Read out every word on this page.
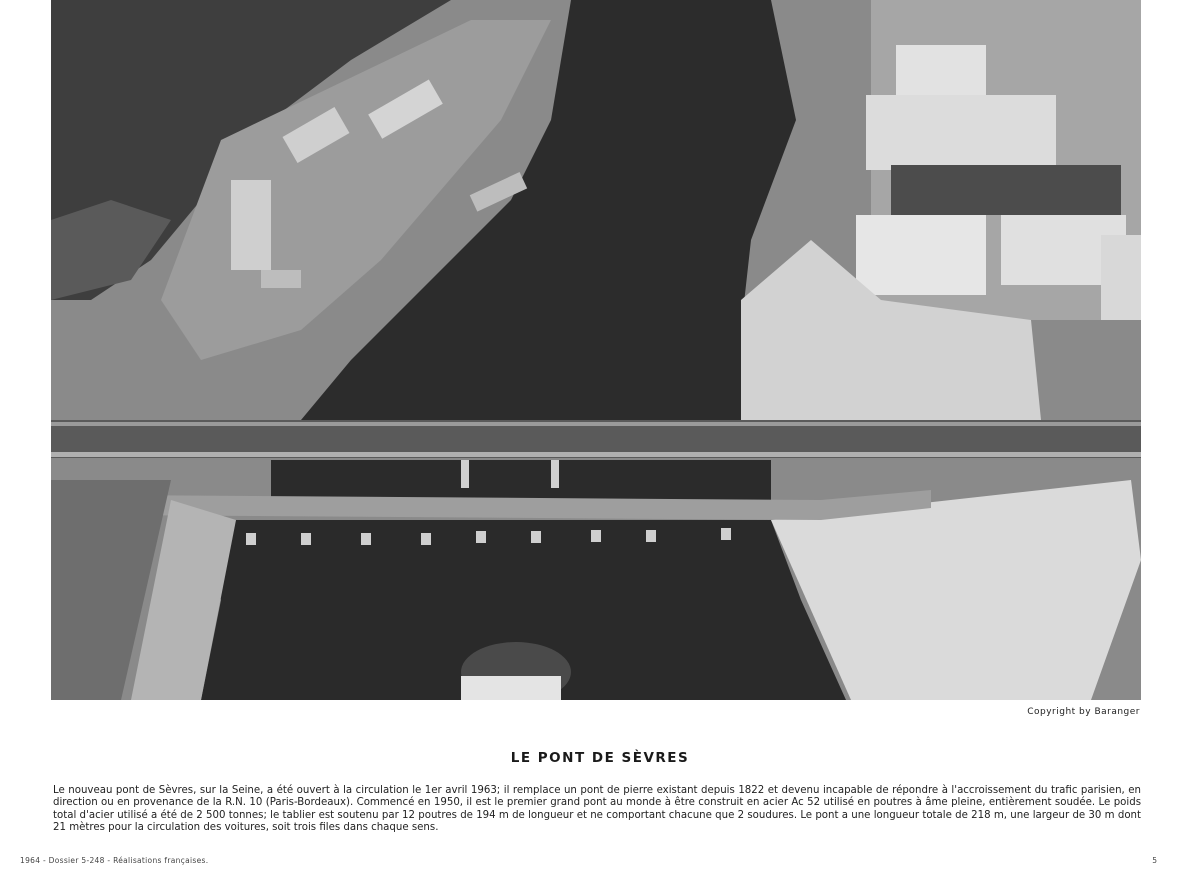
Copyright by Baranger
LE PONT DE SÈVRES
Le nouveau pont de Sèvres, sur la Seine, a été ouvert à la circulation le 1er avril 1963; il remplace un pont de pierre existant depuis 1822 et devenu incapable de répondre à l'accroissement du trafic parisien, en direction ou en provenance de la R.N. 10 (Paris-Bordeaux). Commencé en 1950, il est le premier grand pont au monde à être construit en acier Ac 52 utilisé en poutres à âme pleine, entièrement soudée. Le poids total d'acier utilisé a été de 2 500 tonnes; le tablier est soutenu par 12 poutres de 194 m de longueur et ne comportant chacune que 2 soudures. Le pont a une longueur totale de 218 m, une largeur de 30 m dont 21 mètres pour la circulation des voitures, soit trois files dans chaque sens.
1964 - Dossier 5-248 - Réalisations françaises.	5
